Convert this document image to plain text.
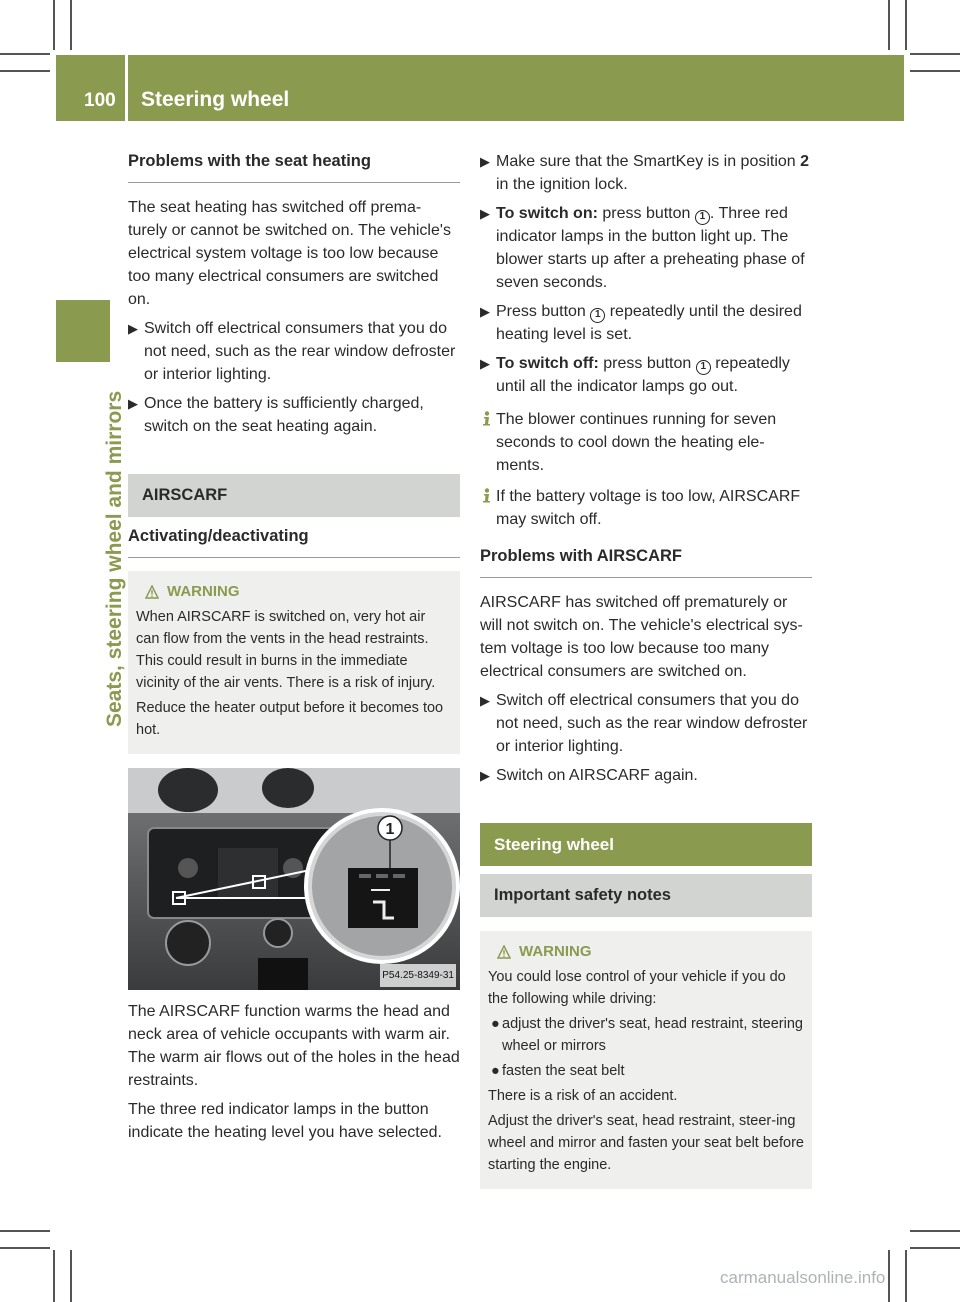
100 Steering wheel
Seats, steering wheel and mirrors
Problems with the seat heating

The seat heating has switched off prema-turely or cannot be switched on. The vehicle's electrical system voltage is too low because too many electrical consumers are switched on.

▶ Switch off electrical consumers that you do not need, such as the rear window defroster or interior lighting.
▶ Once the battery is sufficiently charged, switch on the seat heating again.
AIRSCARF
Activating/deactivating
WARNING

When AIRSCARF is switched on, very hot air can flow from the vents in the head restraints. This could result in burns in the immediate vicinity of the air vents. There is a risk of injury.

Reduce the heater output before it becomes too hot.

1
P54.25-8349-31

The AIRSCARF function warms the head and neck area of vehicle occupants with warm air. The warm air flows out of the holes in the head restraints.

The three red indicator lamps in the button indicate the heating level you have selected.

▶ Make sure that the SmartKey is in position 2 in the ignition lock.
▶ To switch on: press button 1 . Three red indicator lamps in the button light up. The blower starts up after a preheating phase of seven seconds.
▶ Press button 1 repeatedly until the desired heating level is set.
▶ To switch off: press button 1 repeatedly until all the indicator lamps go out.
The blower continues running for seven seconds to cool down the heating ele-ments.
If the battery voltage is too low, AIRSCARF may switch off.
Problems with AIRSCARF

AIRSCARF has switched off prematurely or will not switch on. The vehicle's electrical sys-tem voltage is too low because too many electrical consumers are switched on.

▶ Switch off electrical consumers that you do not need, such as the rear window defroster or interior lighting.
▶ Switch on AIRSCARF again.
Steering wheel
Important safety notes
WARNING

You could lose control of your vehicle if you do the following while driving:

● adjust the driver's seat, head restraint, steering wheel or mirrors
● fasten the seat belt

There is a risk of an accident.

Adjust the driver's seat, head restraint, steer-ing wheel and mirror and fasten your seat belt before starting the engine.

carmanualsonline.info
